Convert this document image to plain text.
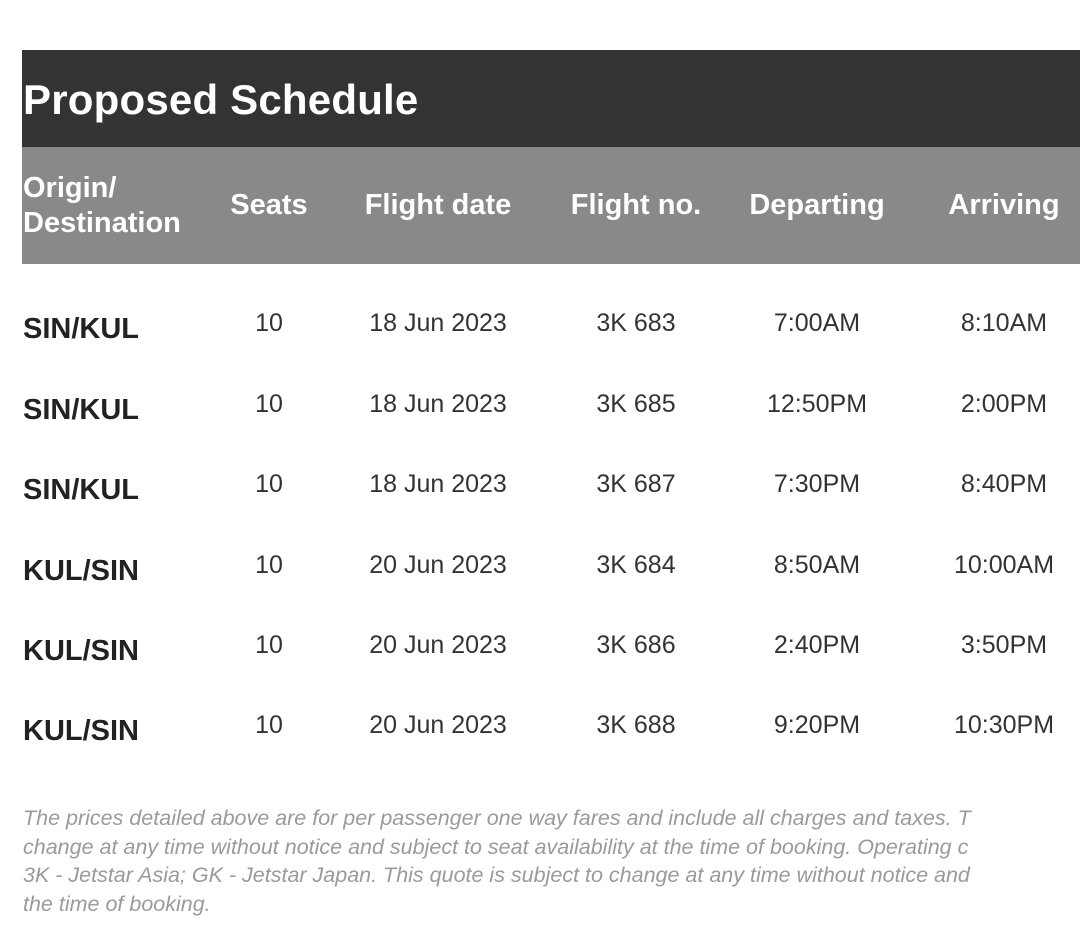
Proposed Schedule
Origin/
Destination
Seats	Flight date	Flight no.	Departing	Arriving
SIN/KUL	10	18 Jun 2023	3K 683	7:00AM	8:10AM
SIN/KUL	10	18 Jun 2023	3K 685	12:50PM	2:00PM
SIN/KUL	10	18 Jun 2023	3K 687	7:30PM	8:40PM
KUL/SIN	10	20 Jun 2023	3K 684	8:50AM	10:00AM
KUL/SIN	10	20 Jun 2023	3K 686	2:40PM	3:50PM
KUL/SIN	10	20 Jun 2023	3K 688	9:20PM	10:30PM
The prices detailed above are for per passenger one way fares and include all charges and taxes. T
change at any time without notice and subject to seat availability at the time of booking. Operating c
3K - Jetstar Asia; GK - Jetstar Japan. This quote is subject to change at any time without notice and
the time of booking.
